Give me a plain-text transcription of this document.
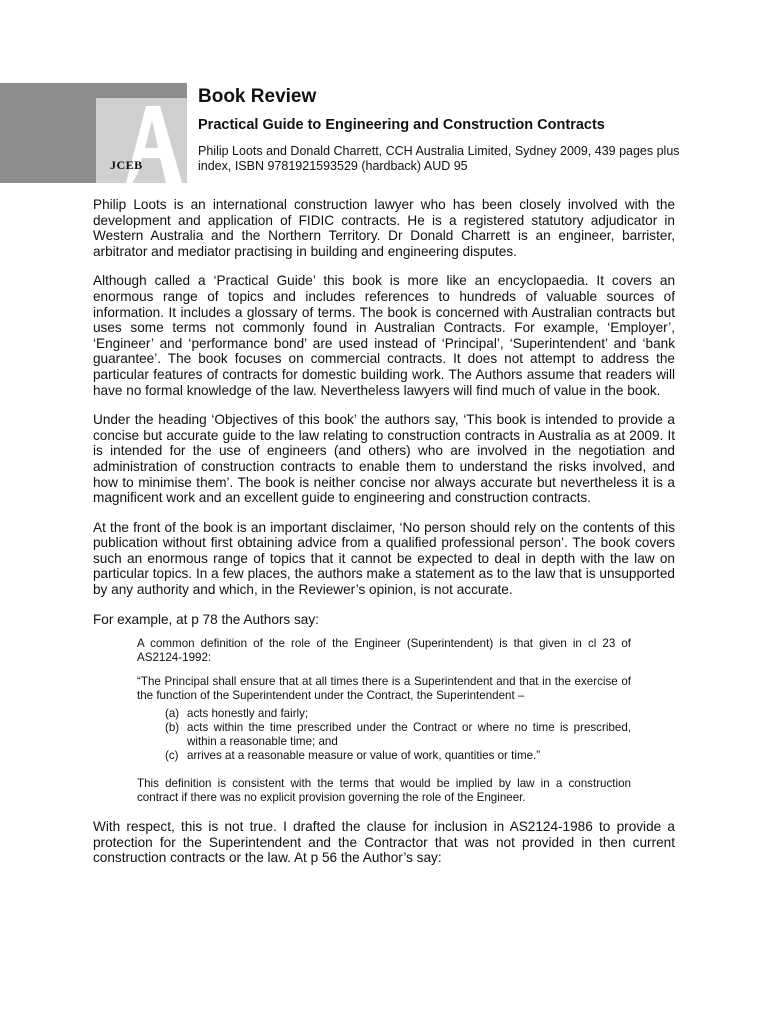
JCEB
Book Review
Practical Guide to Engineering and Construction Contracts

Philip Loots and Donald Charrett, CCH Australia Limited, Sydney 2009, 439 pages plus index, ISBN 9781921593529 (hardback) AUD 95

Philip Loots is an international construction lawyer who has been closely involved with the development and application of FIDIC contracts. He is a registered statutory adjudicator in Western Australia and the Northern Territory. Dr Donald Charrett is an engineer, barrister, arbitrator and mediator practising in building and engineering disputes.

Although called a ‘Practical Guide’ this book is more like an encyclopaedia. It covers an enormous range of topics and includes references to hundreds of valuable sources of information. It includes a glossary of terms. The book is concerned with Australian contracts but uses some terms not commonly found in Australian Contracts. For example, ‘Employer’, ‘Engineer’ and ‘performance bond’ are used instead of ‘Principal’, ‘Superintendent’ and ‘bank guarantee’. The book focuses on commercial contracts. It does not attempt to address the particular features of contracts for domestic building work. The Authors assume that readers will have no formal knowledge of the law. Nevertheless lawyers will find much of value in the book.

Under the heading ‘Objectives of this book’ the authors say, ‘This book is intended to provide a concise but accurate guide to the law relating to construction contracts in Australia as at 2009. It is intended for the use of engineers (and others) who are involved in the negotiation and administration of construction contracts to enable them to understand the risks involved, and how to minimise them’. The book is neither concise nor always accurate but nevertheless it is a magnificent work and an excellent guide to engineering and construction contracts.

At the front of the book is an important disclaimer, ‘No person should rely on the contents of this publication without first obtaining advice from a qualified professional person’. The book covers such an enormous range of topics that it cannot be expected to deal in depth with the law on particular topics. In a few places, the authors make a statement as to the law that is unsupported by any authority and which, in the Reviewer’s opinion, is not accurate.

For example, at p 78 the Authors say:

A common definition of the role of the Engineer (Superintendent) is that given in cl 23 of AS2124-1992:

“The Principal shall ensure that at all times there is a Superintendent and that in the exercise of the function of the Superintendent under the Contract, the Superintendent –

(a) acts honestly and fairly;
(b) acts within the time prescribed under the Contract or where no time is prescribed, within a reasonable time; and
(c) arrives at a reasonable measure or value of work, quantities or time.”

This definition is consistent with the terms that would be implied by law in a construction contract if there was no explicit provision governing the role of the Engineer.

With respect, this is not true. I drafted the clause for inclusion in AS2124-1986 to provide a protection for the Superintendent and the Contractor that was not provided in then current construction contracts or the law. At p 56 the Author’s say:
